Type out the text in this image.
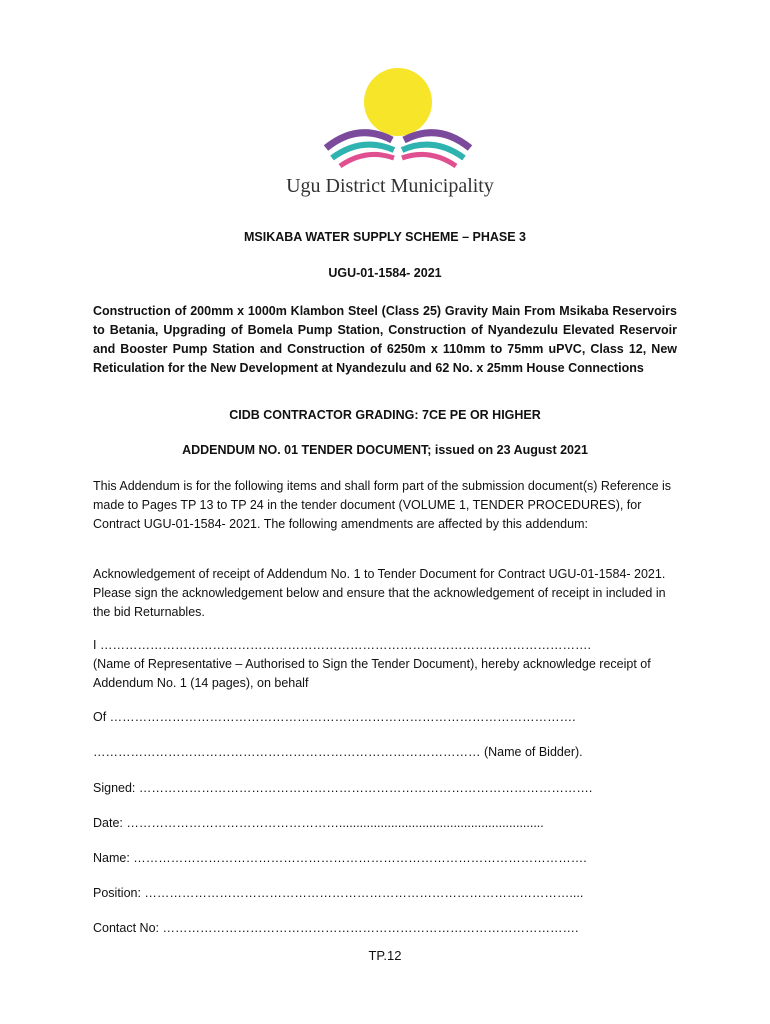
Ugu District Municipality
MSIKABA WATER SUPPLY SCHEME – PHASE 3
UGU-01-1584- 2021
Construction of 200mm x 1000m Klambon Steel (Class 25) Gravity Main From Msikaba Reservoirs to Betania, Upgrading of Bomela Pump Station, Construction of Nyandezulu Elevated Reservoir and Booster Pump Station and Construction of 6250m x 110mm to 75mm uPVC, Class 12, New Reticulation for the New Development at Nyandezulu and 62 No. x 25mm House Connections
CIDB CONTRACTOR GRADING: 7CE PE OR HIGHER
ADDENDUM NO. 01 TENDER DOCUMENT; issued on 23 August 2021
This Addendum is for the following items and shall form part of the submission document(s) Reference is made to Pages TP 13 to TP 24 in the tender document (VOLUME 1, TENDER PROCEDURES), for Contract UGU-01-1584- 2021. The following amendments are affected by this addendum:
Acknowledgement of receipt of Addendum No. 1 to Tender Document for Contract UGU-01-1584- 2021. Please sign the acknowledgement below and ensure that the acknowledgement of receipt in included in the bid Returnables.
I ……………………………………………………………………………………………………….
(Name of Representative – Authorised to Sign the Tender Document), hereby acknowledge receipt of Addendum No. 1 (14 pages), on behalf
Of ………………………………………………………………………………………………….
………………………………………………………………………………… (Name of Bidder).
Signed: ……………………………………………………………………………………………….
Date: ……………………………………………...........................................................
Name: ……………………………………………………………………………………………….
Position: …………………………………………………………………………………………....
Contact No: ……………………………………………………………………………………….
TP.12
